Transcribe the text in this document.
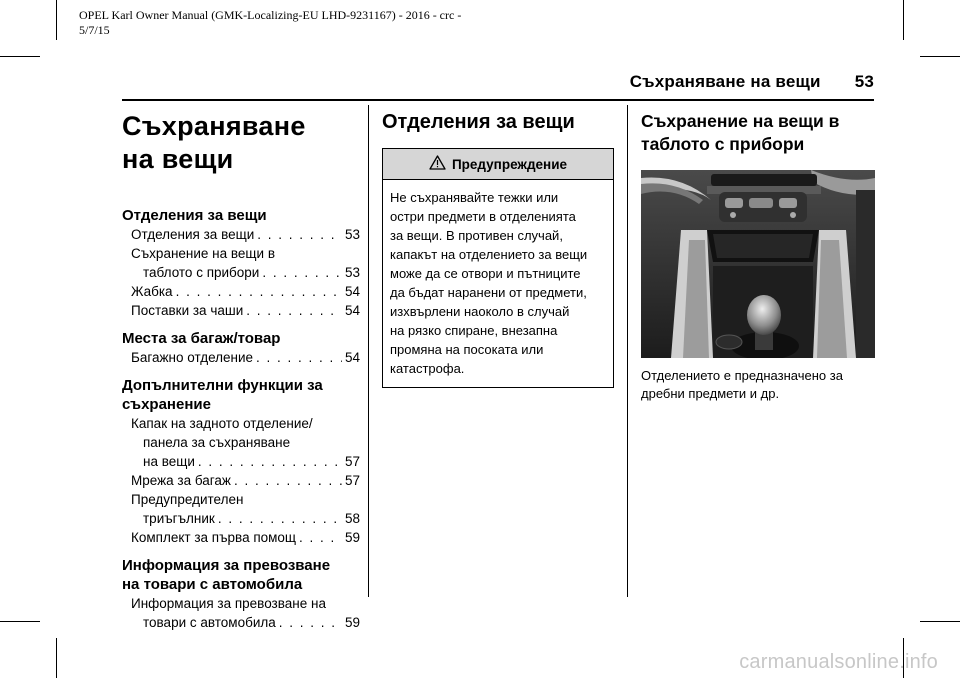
OPEL Karl Owner Manual (GMK-Localizing-EU LHD-9231167) - 2016 - crc -
5/7/15
Съхраняване на вещи 53
Съхраняване
на вещи
Отделения за вещи
Отделения за вещи . . .	53
Съхранение на вещи в
таблото с прибори . . .	53
Жабка . . .	54
Поставки за чаши . . .	54
Места за багаж/товар
Багажно отделение . . .	54
Допълнителни функции за
съхранение
Капак на задното отделение/
панела за съхраняване
на вещи . . .	57
Мрежа за багаж . . .	57
Предупредителен
триъгълник . . .	58
Комплект за първа помощ . . .	59
Информация за превозване
на товари с автомобила
Информация за превозване на
товари с автомобила . . .	59
Отделения за вещи
Предупреждение
Не съхранявайте тежки или
остри предмети в отделенията
за вещи. В противен случай,
капакът на отделението за вещи
може да се отвори и пътниците
да бъдат наранени от предмети,
изхвърлени наоколо в случай
на рязко спиране, внезапна
промяна на посоката или
катастрофа.
Съхранение на вещи в
таблото с прибори
Отделението е предназначено за
дребни предмети и др.
carmanualsonline.info
